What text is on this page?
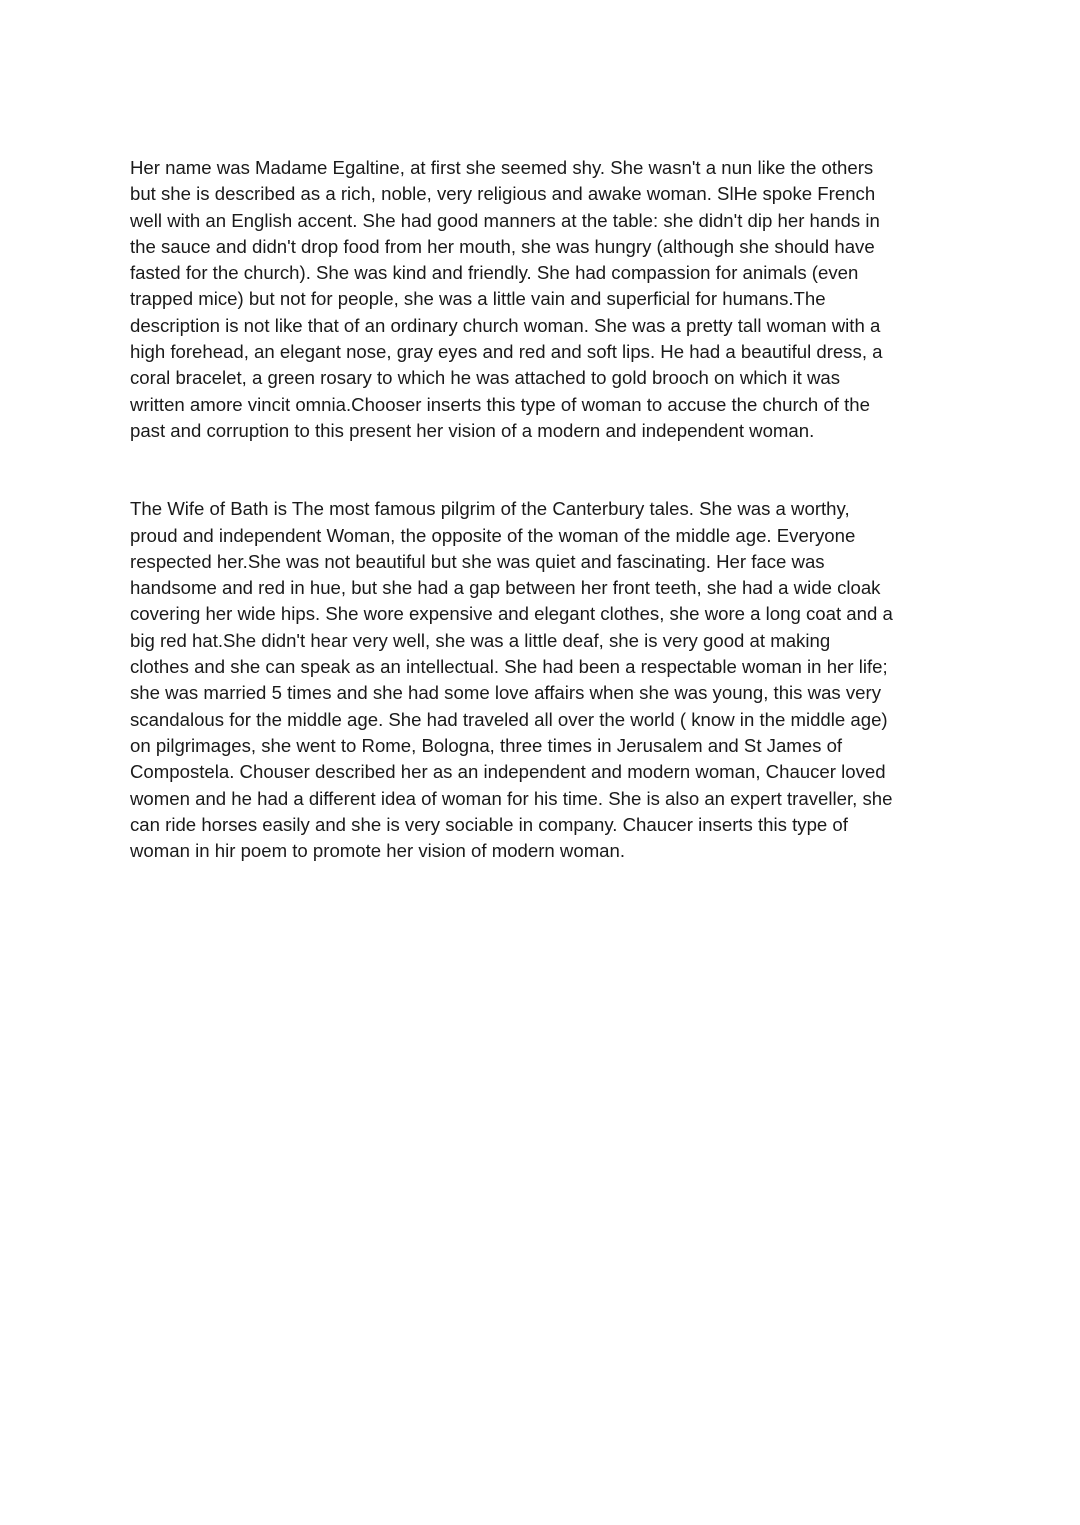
Her name was Madame Egaltine, at first she seemed shy. She wasn't a nun like the others
but she is described as a rich, noble, very religious and awake woman. SlHe spoke French
well with an English accent. She had good manners at the table: she didn't dip her hands in
the sauce and didn't drop food from her mouth, she was hungry (although she should have
fasted for the church). She was kind and friendly. She had compassion for animals (even
trapped mice) but not for people, she was a little vain and superficial for humans.The
description is not like that of an ordinary church woman. She was a pretty tall woman with a
high forehead, an elegant nose, gray eyes and red and soft lips. He had a beautiful dress, a
coral bracelet, a green rosary to which he was attached to gold brooch on which it was
written amore vincit omnia.Chooser inserts this type of woman to accuse the church of the
past and corruption to this present her vision of a modern and independent woman.

The Wife of Bath is The most famous pilgrim of the Canterbury tales. She was a worthy,
proud and independent Woman, the opposite of the woman of the middle age. Everyone
respected her.She was not beautiful but she was quiet and fascinating. Her face was
handsome and red in hue, but she had a gap between her front teeth, she had a wide cloak
covering her wide hips. She wore expensive and elegant clothes, she wore a long coat and a
big red hat.She didn't hear very well, she was a little deaf, she is very good at making
clothes and she can speak as an intellectual. She had been a respectable woman in her life;
she was married 5 times and she had some love affairs when she was young, this was very
scandalous for the middle age. She had traveled all over the world ( know in the middle age)
on pilgrimages, she went to Rome, Bologna, three times in Jerusalem and St James of
Compostela. Chouser described her as an independent and modern woman, Chaucer loved
women and he had a different idea of woman for his time. She is also an expert traveller, she
can ride horses easily and she is very sociable in company. Chaucer inserts this type of
woman in hir poem to promote her vision of modern woman.
